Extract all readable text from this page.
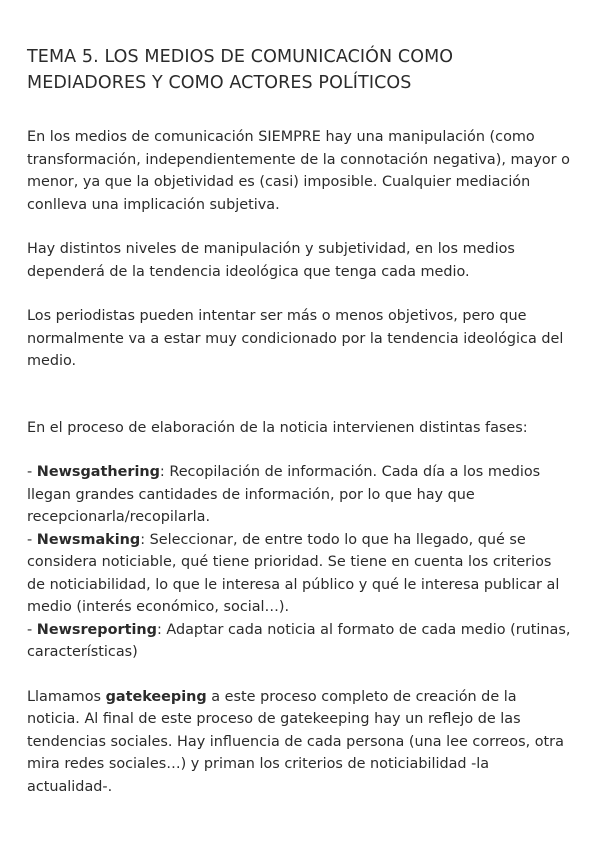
TEMA 5. LOS MEDIOS DE COMUNICACIÓN COMO MEDIADORES Y COMO ACTORES POLÍTICOS

En los medios de comunicación SIEMPRE hay una manipulación (como transformación, independientemente de la connotación negativa), mayor o menor, ya que la objetividad es (casi) imposible. Cualquier mediación conlleva una implicación subjetiva.

Hay distintos niveles de manipulación y subjetividad, en los medios dependerá de la tendencia ideológica que tenga cada medio.

Los periodistas pueden intentar ser más o menos objetivos, pero que normalmente va a estar muy condicionado por la tendencia ideológica del medio.

En el proceso de elaboración de la noticia intervienen distintas fases:

- Newsgathering: Recopilación de información. Cada día a los medios llegan grandes cantidades de información, por lo que hay que recepcionarla/recopilarla.

- Newsmaking: Seleccionar, de entre todo lo que ha llegado, qué se considera noticiable, qué tiene prioridad. Se tiene en cuenta los criterios de noticiabilidad, lo que le interesa al público y qué le interesa publicar al medio (interés económico, social…).

- Newsreporting: Adaptar cada noticia al formato de cada medio (rutinas, características)

Llamamos gatekeeping a este proceso completo de creación de la noticia. Al final de este proceso de gatekeeping hay un reflejo de las tendencias sociales. Hay influencia de cada persona (una lee correos, otra mira redes sociales…) y priman los criterios de noticiabilidad -la actualidad-.
